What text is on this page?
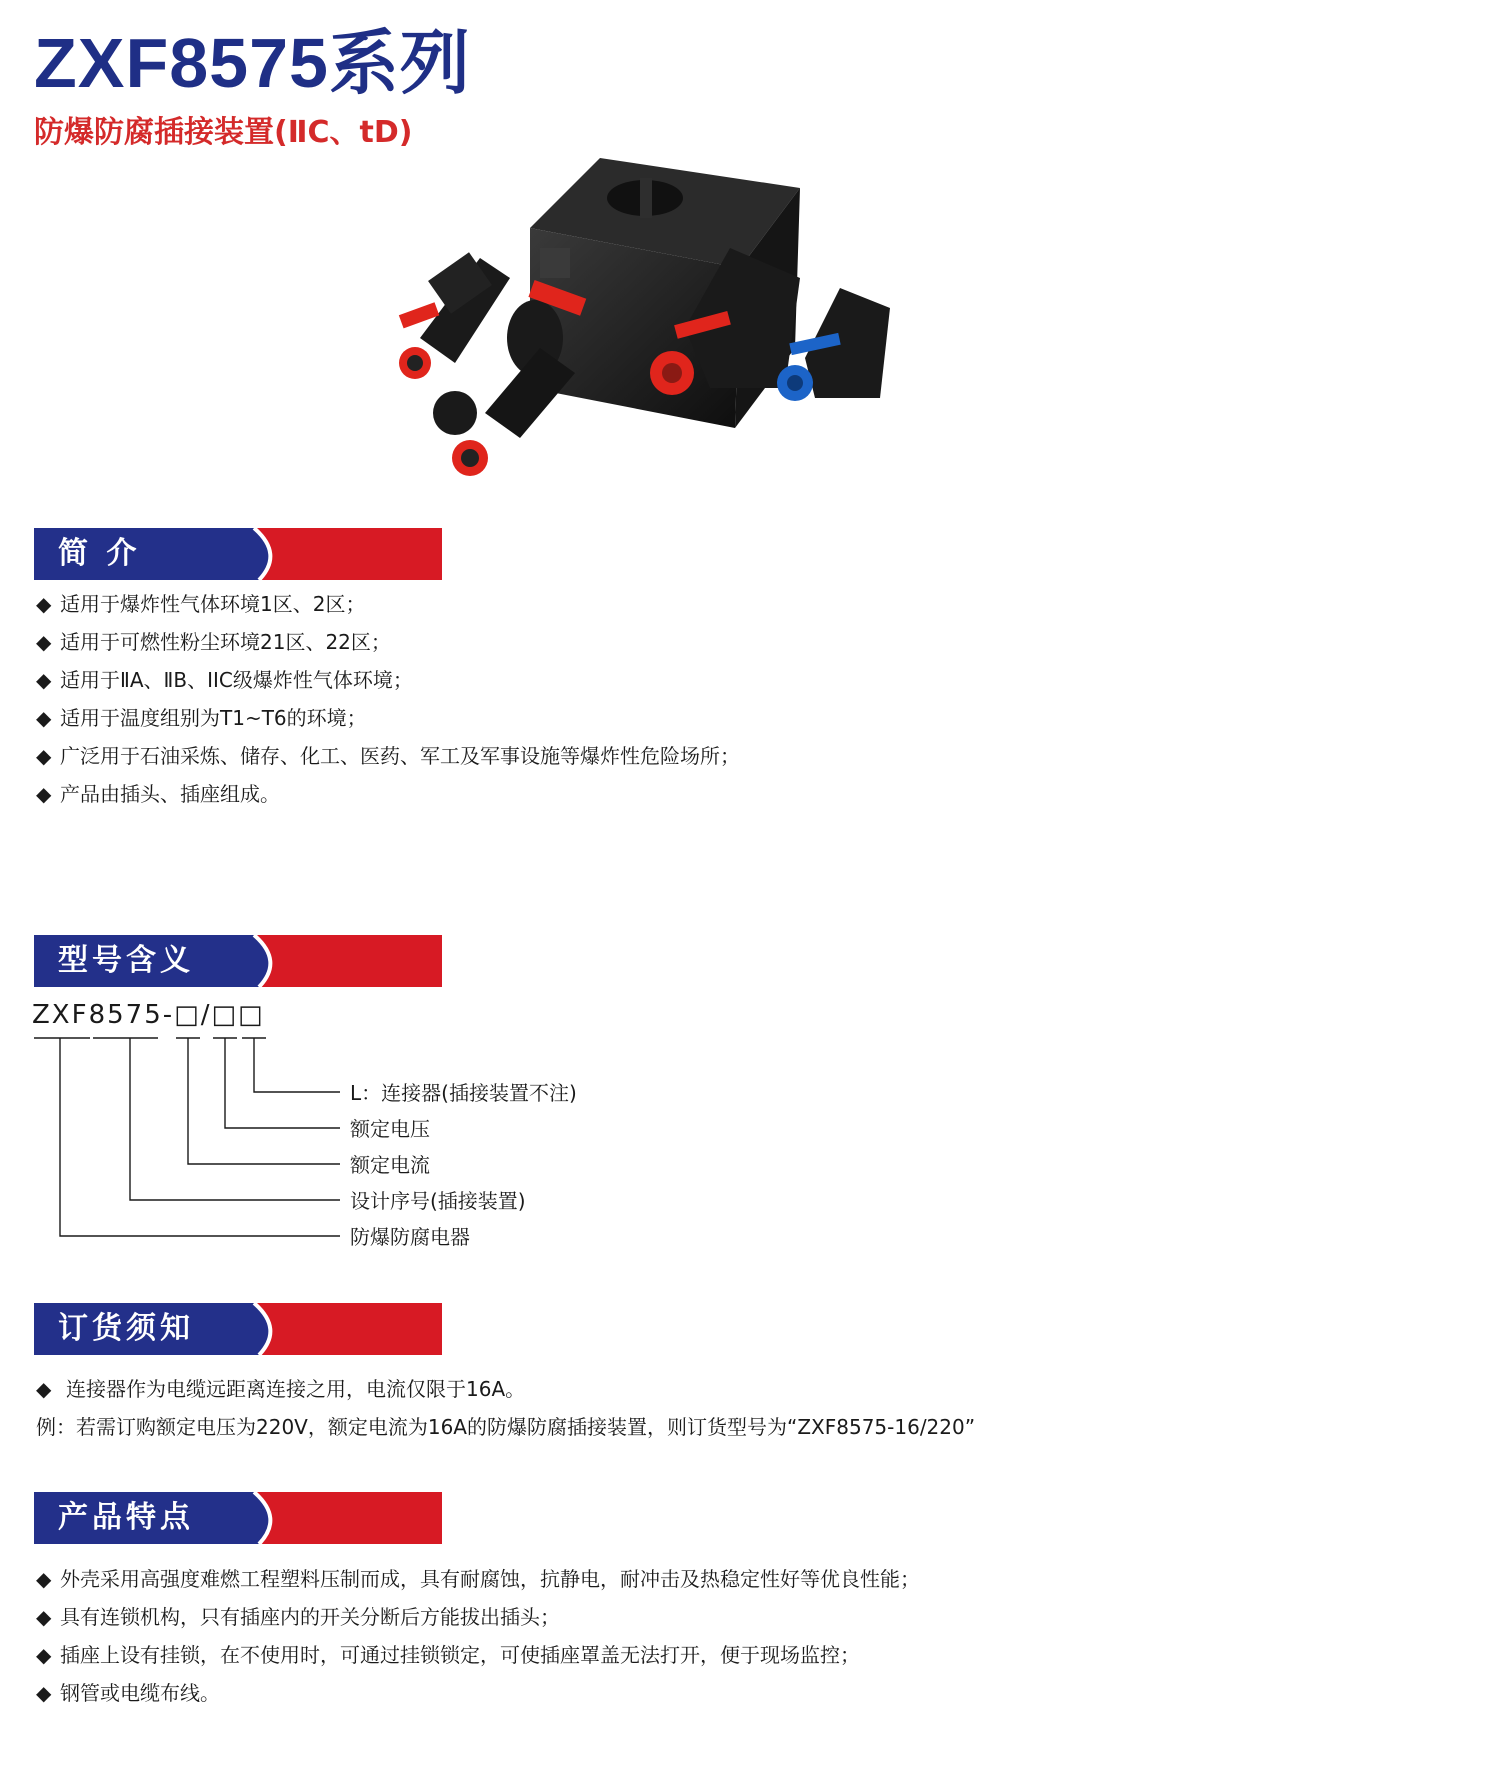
ZXF8575系列
防爆防腐插接装置(ⅡC、tD)
简 介
◆ 适用于爆炸性气体环境1区、2区；
◆ 适用于可燃性粉尘环境21区、22区；
◆ 适用于ⅡA、ⅡB、IIC级爆炸性气体环境；
◆ 适用于温度组别为T1~T6的环境；
◆ 广泛用于石油采炼、储存、化工、医药、军工及军事设施等爆炸性危险场所；
◆ 产品由插头、插座组成。
型号含义
ZXF8575-□/□□
L：连接器(插接装置不注)
额定电压
额定电流
设计序号(插接装置)
防爆防腐电器
订货须知
◆ 连接器作为电缆远距离连接之用，电流仅限于16A。
例：若需订购额定电压为220V，额定电流为16A的防爆防腐插接装置，则订货型号为“ZXF8575-16/220”
产品特点
◆ 外壳采用高强度难燃工程塑料压制而成，具有耐腐蚀，抗静电，耐冲击及热稳定性好等优良性能；
◆ 具有连锁机构，只有插座内的开关分断后方能拔出插头；
◆ 插座上设有挂锁，在不使用时，可通过挂锁锁定，可使插座罩盖无法打开，便于现场监控；
◆ 钢管或电缆布线。
